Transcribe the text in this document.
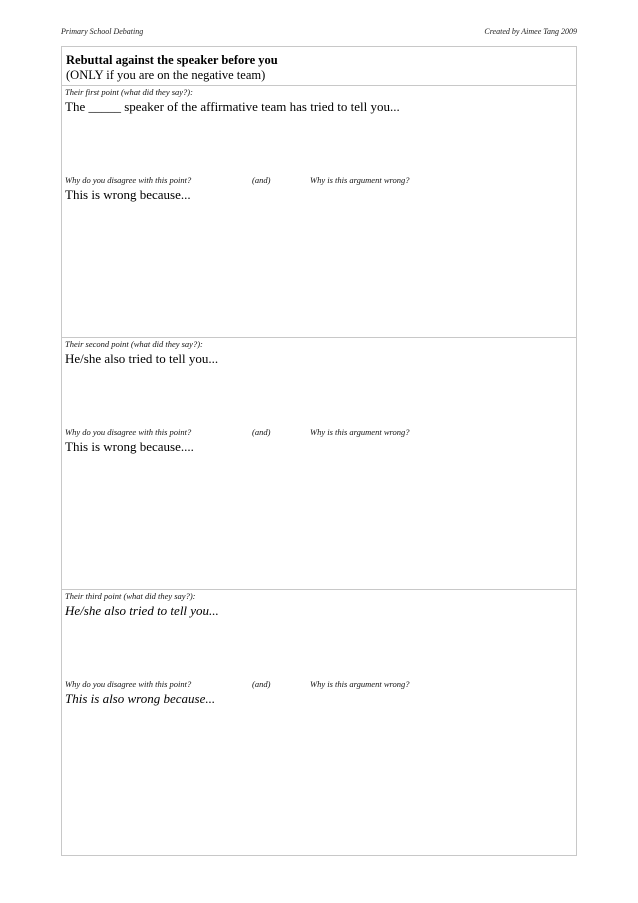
Primary School Debating	Created by Aimee Tang 2009
Rebuttal against the speaker before you
(ONLY if you are on the negative team)
Their first point (what did they say?):
The _____ speaker of the affirmative team has tried to tell you...
Why do you disagree with this point?	(and)	Why is this argument wrong?
This is wrong because...
Their second point (what did they say?):
He/she also tried to tell you...
Why do you disagree with this point?	(and)	Why is this argument wrong?
This is wrong because....
Their third point (what did they say?):
He/she also tried to tell you...
Why do you disagree with this point?	(and)	Why is this argument wrong?
This is also wrong because...
